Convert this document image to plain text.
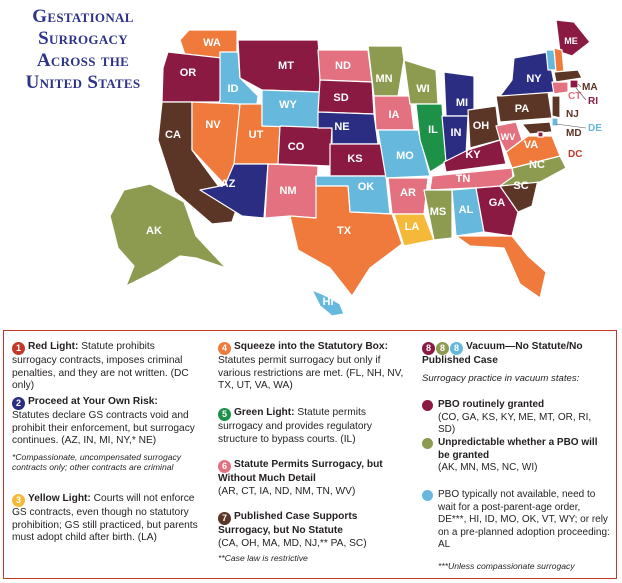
Gestational
Surrogacy
Across the
United States
WA
OR
CA
ID
NV
AZ
UT
MT
WY
CO
NM
ND
SD
NE
KS
OK
TX
MN
IA
MO
AR
LA
WI
IL
MI
IN
OH
KY
TN
MS AL
GA
FL
SC
NC
VA
WV
PA
NY
ME
MA
RI
CT
NJ
DE
MD
DC
AK
HI
1 Red Light: Statute prohibits surrogacy contracts, imposes criminal penalties, and they are not written. (DC only)
2 Proceed at Your Own Risk:
Statutes declare GS contracts void and prohibit their enforcement, but surrogacy continues. (AZ, IN, MI, NY,* NE)
*Compassionate, uncompensated surrogacy contracts only; other contracts are criminal
3 Yellow Light: Courts will not enforce GS contracts, even though no statutory prohibition; GS still practiced, but parents must adopt child after birth. (LA)
4 Squeeze into the Statutory Box: Statutes permit surrogacy but only if various restrictions are met. (FL, NH, NV, TX, UT, VA, WA)
5 Green Light: Statute permits surrogacy and provides regulatory structure to bypass courts. (IL)
6 Statute Permits Surrogacy, but Without Much Detail
(AR, CT, IA, ND, NM, TN, WV)
7 Published Case Supports Surrogacy, but No Statute
(CA, OH, MA, MD, NJ,** PA, SC)
**Case law is restrictive
8 8 8 Vacuum—No Statute/No Published Case
Surrogacy practice in vacuum states:
PBO routinely granted
(CO, GA, KS, KY, ME, MT, OR, RI, SD)
Unpredictable whether a PBO will be granted
(AK, MN, MS, NC, WI)
PBO typically not available, need to wait for a post-parent-age order, DE***, HI, ID, MO, OK, VT, WY; or rely on a pre-planned adoption proceeding: AL
***Unless compassionate surrogacy
